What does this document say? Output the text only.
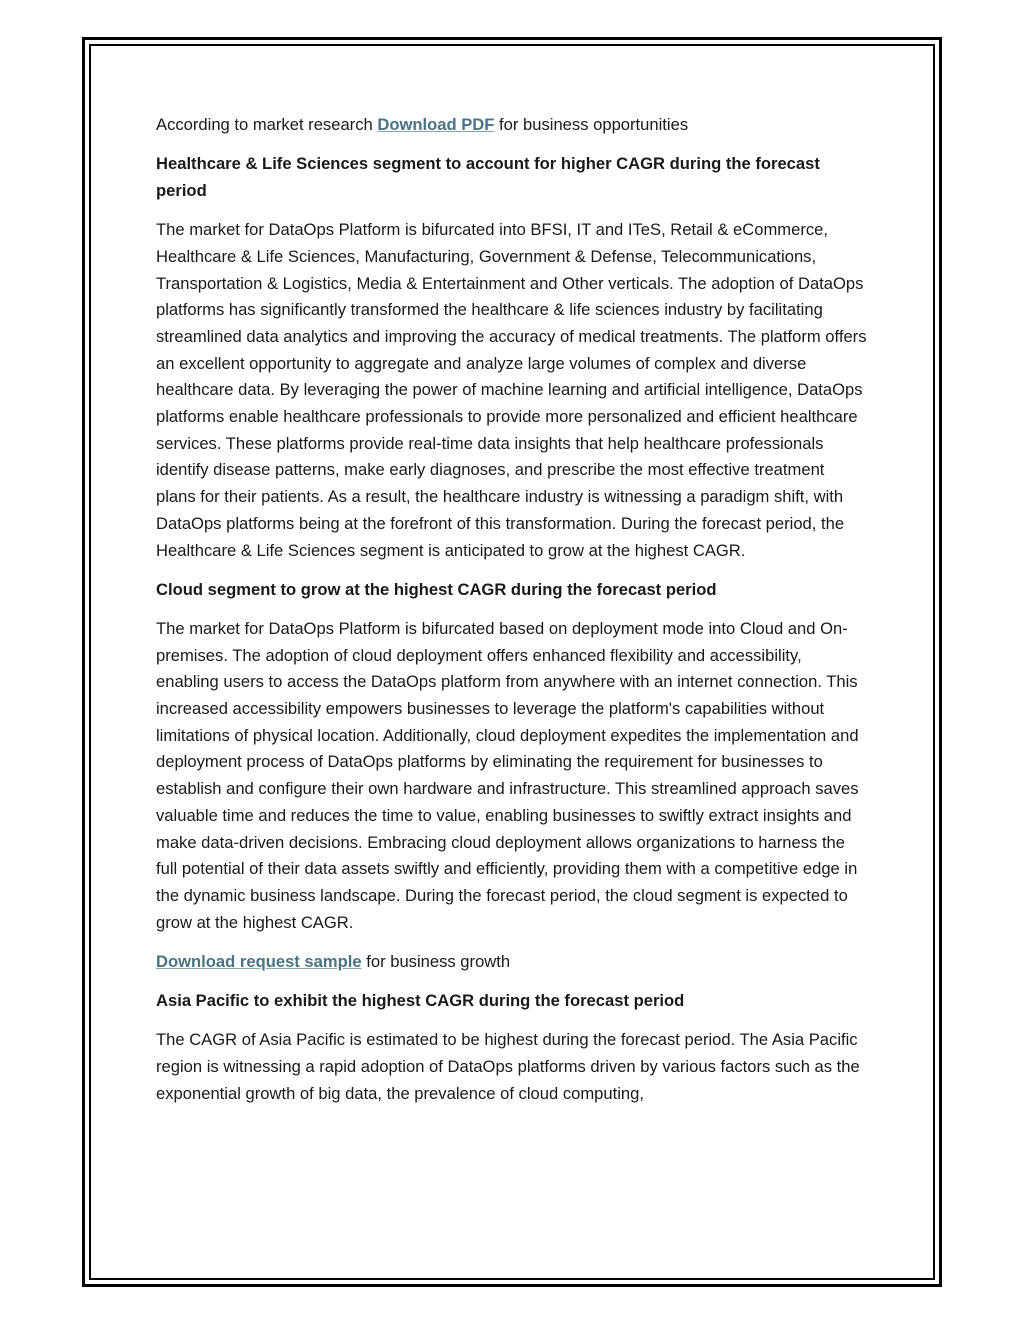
According to market research Download PDF for business opportunities

Healthcare & Life Sciences segment to account for higher CAGR during the forecast period

The market for DataOps Platform is bifurcated into BFSI, IT and ITeS, Retail & eCommerce, Healthcare & Life Sciences, Manufacturing, Government & Defense, Telecommunications, Transportation & Logistics, Media & Entertainment and Other verticals. The adoption of DataOps platforms has significantly transformed the healthcare & life sciences industry by facilitating streamlined data analytics and improving the accuracy of medical treatments. The platform offers an excellent opportunity to aggregate and analyze large volumes of complex and diverse healthcare data. By leveraging the power of machine learning and artificial intelligence, DataOps platforms enable healthcare professionals to provide more personalized and efficient healthcare services. These platforms provide real-time data insights that help healthcare professionals identify disease patterns, make early diagnoses, and prescribe the most effective treatment plans for their patients. As a result, the healthcare industry is witnessing a paradigm shift, with DataOps platforms being at the forefront of this transformation. During the forecast period, the Healthcare & Life Sciences segment is anticipated to grow at the highest CAGR.

Cloud segment to grow at the highest CAGR during the forecast period

The market for DataOps Platform is bifurcated based on deployment mode into Cloud and On-premises. The adoption of cloud deployment offers enhanced flexibility and accessibility, enabling users to access the DataOps platform from anywhere with an internet connection. This increased accessibility empowers businesses to leverage the platform's capabilities without limitations of physical location. Additionally, cloud deployment expedites the implementation and deployment process of DataOps platforms by eliminating the requirement for businesses to establish and configure their own hardware and infrastructure. This streamlined approach saves valuable time and reduces the time to value, enabling businesses to swiftly extract insights and make data-driven decisions. Embracing cloud deployment allows organizations to harness the full potential of their data assets swiftly and efficiently, providing them with a competitive edge in the dynamic business landscape. During the forecast period, the cloud segment is expected to grow at the highest CAGR.

Download request sample for business growth

Asia Pacific to exhibit the highest CAGR during the forecast period

The CAGR of Asia Pacific is estimated to be highest during the forecast period. The Asia Pacific region is witnessing a rapid adoption of DataOps platforms driven by various factors such as the exponential growth of big data, the prevalence of cloud computing,
